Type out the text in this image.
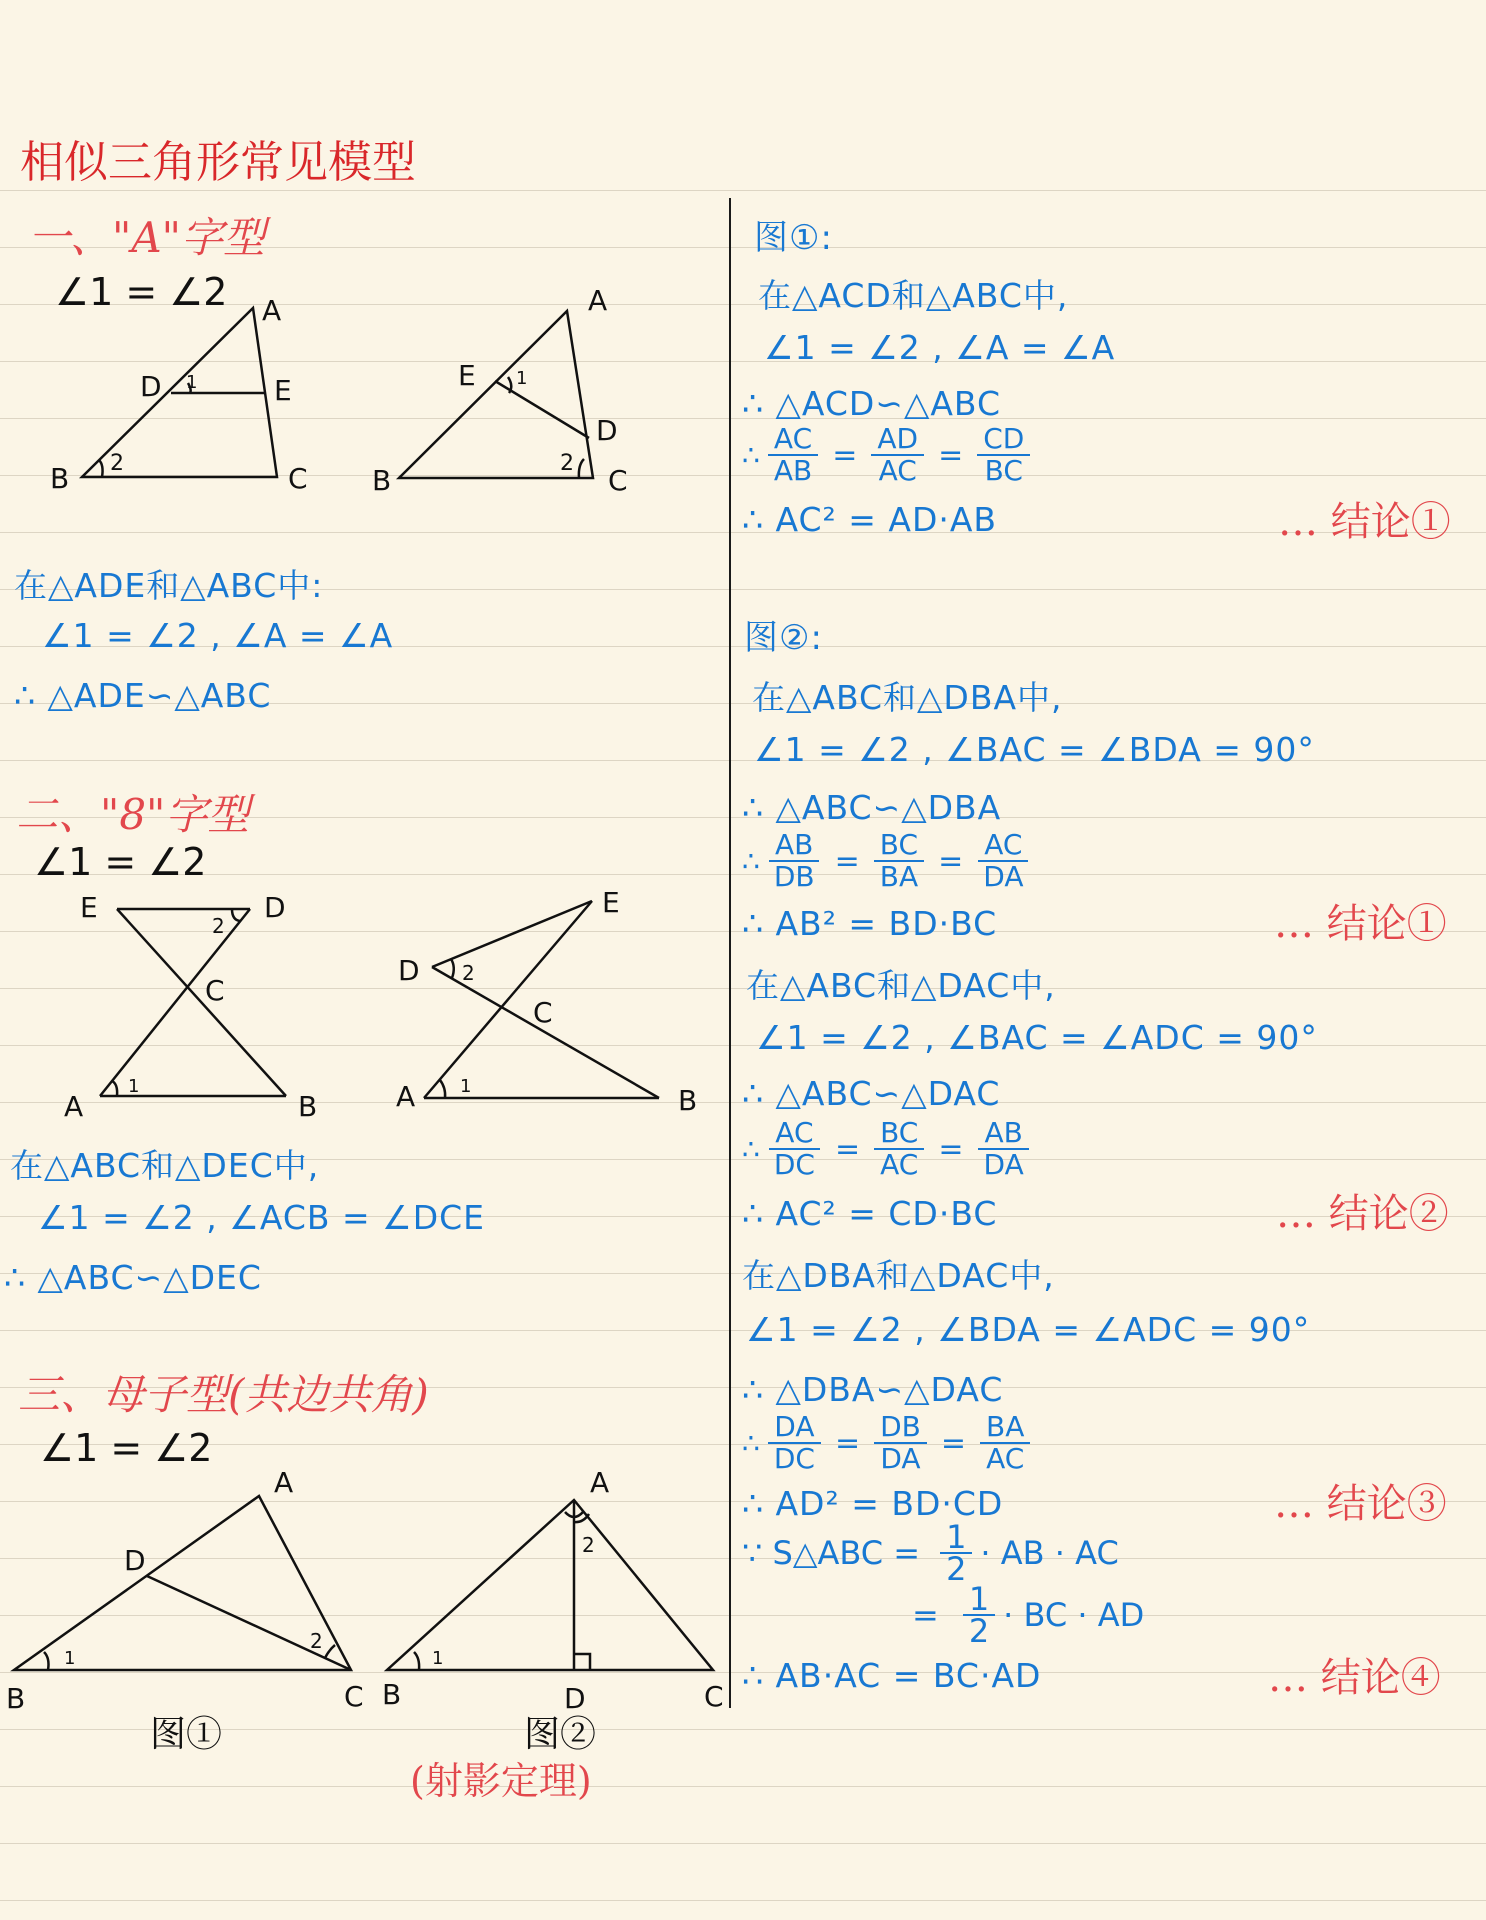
相似三角形常见模型
一、"A"字型
∠1 = ∠2 A
B	C
D	E
1
2
A
B	C
D
E 1
2
E	D
C
A	B
2
1
D
E
C
A	B
2
1
A
D
B	C
1
2
A
B	C
D
2
1
在△ADE和△ABC中:
∠1 = ∠2 , ∠A = ∠A
∴ △ADE∽△ABC
二、"8"字型
∠1 = ∠2
在△ABC和△DEC中,
∠1 = ∠2 , ∠ACB = ∠DCE
∴ △ABC∽△DEC
三、母子型(共边共角)
∠1 = ∠2
图①	图②
(射影定理)
图①:
在△ACD和△ABC中,
∠1 = ∠2 , ∠A = ∠A
∴ △ACD∽△ABC
∴ $\frac{AC}{AB} = \frac{AD}{AC} = \frac{CD}{BC}$
∴ AC² = AD·AB	… 结论①
图②:
在△ABC和△DBA中,
∠1 = ∠2 , ∠BAC = ∠BDA = 90°
∴ △ABC∽△DBA
∴ $\frac{AB}{DB} = \frac{BC}{BA} = \frac{AC}{DA}$
∴ AB² = BD·BC	… 结论①
在△ABC和△DAC中,
∠1 = ∠2 , ∠BAC = ∠ADC = 90°
∴ △ABC∽△DAC
∴ $\frac{AC}{DC} = \frac{BC}{AC} = \frac{AB}{DA}$
∴ AC² = CD·BC	… 结论②
在△DBA和△DAC中,
∠1 = ∠2 , ∠BDA = ∠ADC = 90°
∴ △DBA∽△DAC
∴ $\frac{DA}{DC} = \frac{DB}{DA} = \frac{BA}{AC}$
∴ AD² = BD·CD	… 结论③
∵ S△ABC = $\frac{1}{2}$ · AB · AC
= $\frac{1}{2}$ · BC · AD
∴ AB·AC = BC·AD	… 结论④
